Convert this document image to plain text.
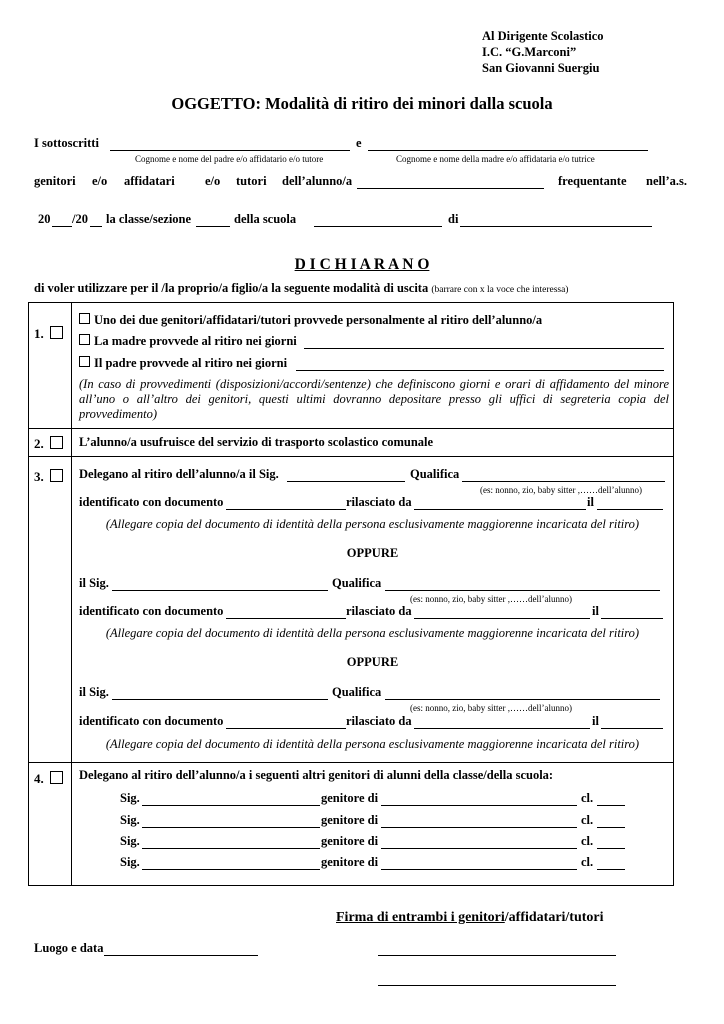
Al Dirigente Scolastico
I.C. “G.Marconi”
San Giovanni Suergiu
OGGETTO: Modalità di ritiro dei minori dalla scuola
I sottoscritti	e
Cognome e nome del padre e/o affidatario e/o tutore	Cognome e nome della madre e/o affidataria e/o tutrice
genitori e/o affidatari e/o tutori dell’alunno/a	frequentante nell’a.s.
20 /20 la classe/sezione	della scuola	di
D I C H I A R A N O
di voler utilizzare per il /la proprio/a figlio/a la seguente modalità di uscita (barrare con x la voce che interessa)
1.
Uno dei due genitori/affidatari/tutori provvede personalmente al ritiro dell’alunno/a
La madre provvede al ritiro nei giorni
Il padre provvede al ritiro nei giorni
(In caso di provvedimenti (disposizioni/accordi/sentenze) che definiscono giorni e orari di affidamento del minore all’uno o all’altro dei genitori, questi ultimi dovranno depositare presso gli uffici di segreteria copia del provvedimento)
2.	L’alunno/a usufruisce del servizio di trasporto scolastico comunale
3.	Delegano al ritiro dell’alunno/a il Sig.	Qualifica
(es: nonno, zio, baby sitter ,……dell’alunno)
identificato con documento	rilasciato da	il
(Allegare copia del documento di identità della persona esclusivamente maggiorenne incaricata del ritiro)
OPPURE
il Sig.	Qualifica
(es: nonno, zio, baby sitter ,……dell’alunno)
identificato con documento	rilasciato da	il
(Allegare copia del documento di identità della persona esclusivamente maggiorenne incaricata del ritiro)
OPPURE
il Sig.	Qualifica
(es: nonno, zio, baby sitter ,……dell’alunno)
identificato con documento	rilasciato da	il
(Allegare copia del documento di identità della persona esclusivamente maggiorenne incaricata del ritiro)
4.	Delegano al ritiro dell’alunno/a i seguenti altri genitori di alunni della classe/della scuola:
Sig.	genitore di	cl.
Sig.	genitore di	cl.
Sig.	genitore di	cl.
Sig.	genitore di	cl.
Firma di entrambi i genitori/affidatari/tutori
Luogo e data
